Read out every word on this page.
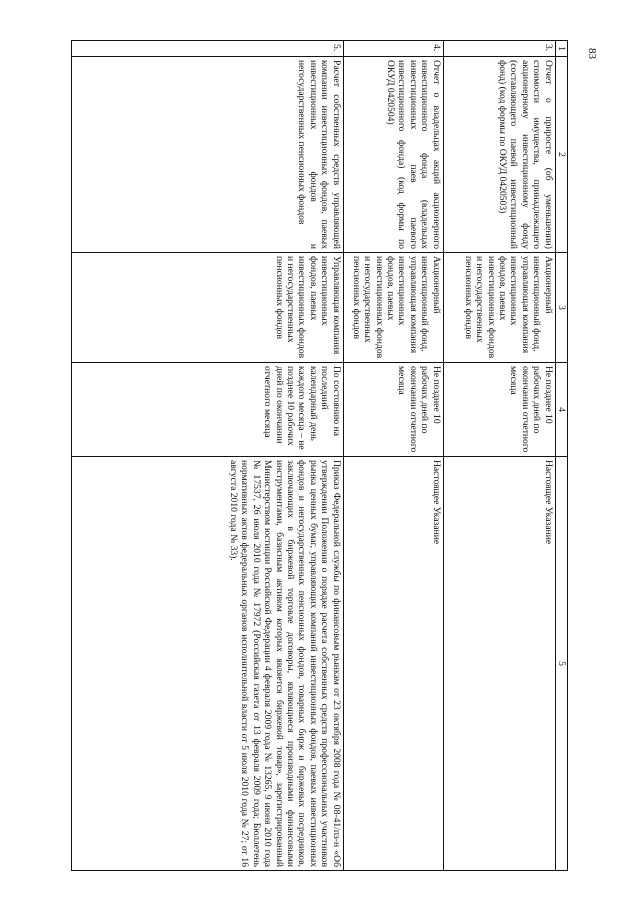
83
1	2	3	4	5
3.	Отчет о приросте (об уменьшении) стоимости имущества, принадлежащего акционерному инвестиционному фонду (составляющего паевой инвестиционный фонд) (код формы по ОКУД 0420503)	Акционерный инвестиционный фонд, управляющая компания инвестиционных фондов, паевых инвестиционных фондов и негосударственных пенсионных фондов	Не позднее 10 рабочих дней по окончании отчетного месяца	Настоящее Указание
4.	Отчет о владельцах акций акционерного инвестиционного фонда (владельцах инвестиционных паев паевого инвестиционного фонда) (код формы по ОКУД 0420504)	Акционерный инвестиционный фонд, управляющая компания инвестиционных фондов, паевых инвестиционных фондов и негосударственных пенсионных фондов	Не позднее 10 рабочих дней по окончании отчетного месяца	Настоящее Указание
5.	Расчет собственных средств управляющей компании инвестиционных фондов, паевых инвестиционных фондов и негосударственных пенсионных фондов	Управляющая компания инвестиционных фондов, паевых инвестиционных фондов и негосударственных пенсионных фондов	По состоянию на последний календарный день каждого месяца – не позднее 10 рабочих дней по окончании отчетного месяца	Приказ Федеральной службы по финансовым рынкам от 23 октября 2008 года № 08-41/пз-н «Об утверждении Положения о порядке расчета собственных средств профессиональных участников рынка ценных бумаг, управляющих компаний инвестиционных фондов, паевых инвестиционных фондов и негосударственных пенсионных фондов, товарных бирж и биржевых посредников, заключающих в биржевой торговле договоры, являющиеся производными финансовыми инструментами, базисным активом которых является биржевой товар», зарегистрированный Министерством юстиции Российской Федерации 4 февраля 2009 года № 13265, 9 июня 2010 года № 17537, 26 июля 2010 года № 17972 (Российская газета от 13 февраля 2009 года; Бюллетень нормативных актов федеральных органов исполнительной власти от 5 июля 2010 года № 27; от 16 августа 2010 года № 33).
